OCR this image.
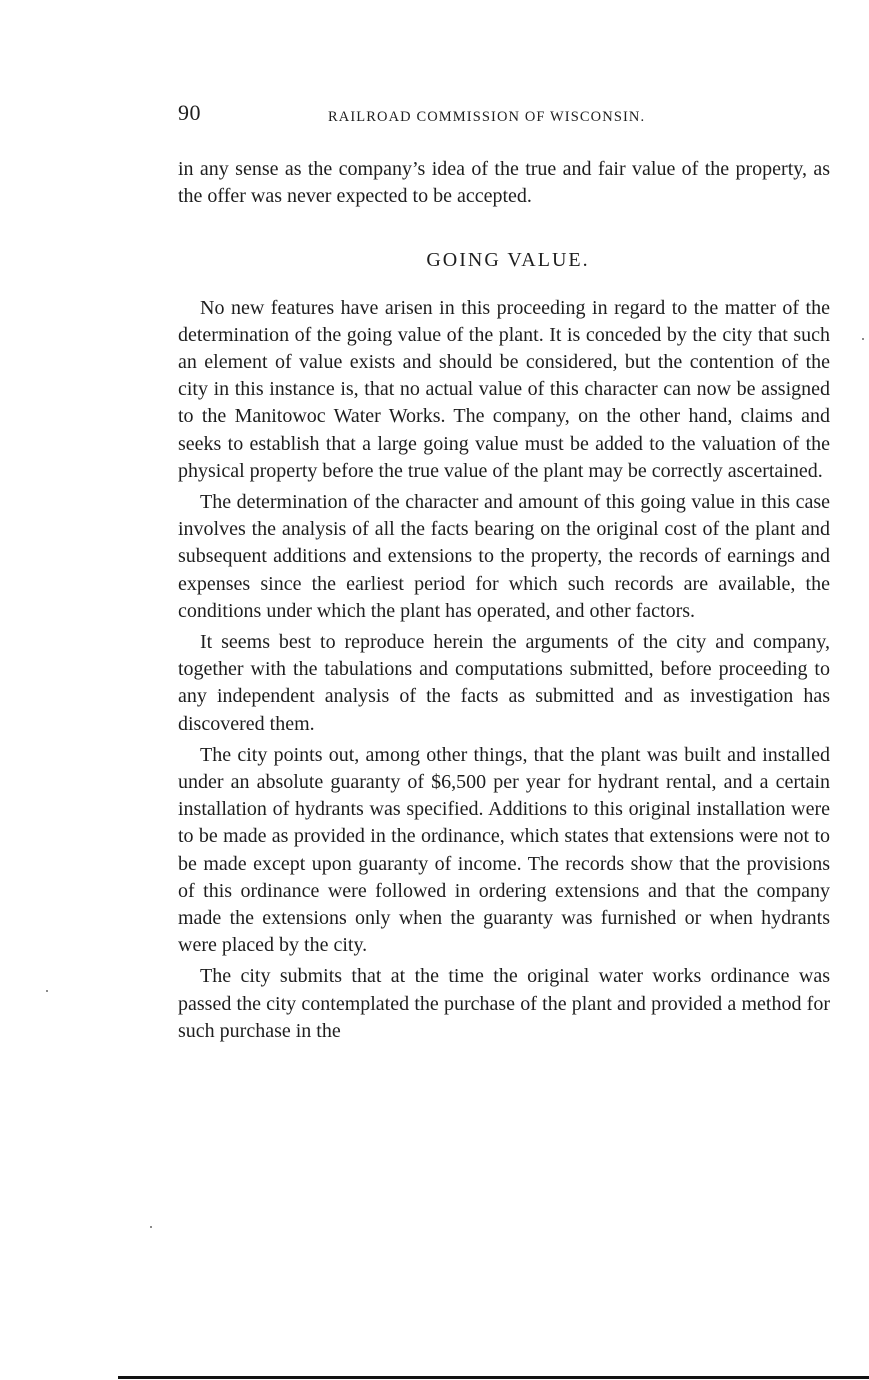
90	RAILROAD COMMISSION OF WISCONSIN.

in any sense as the company’s idea of the true and fair value of the property, as the offer was never expected to be accepted.

GOING VALUE.

No new features have arisen in this proceeding in regard to the matter of the determination of the going value of the plant. It is conceded by the city that such an element of value exists and should be considered, but the contention of the city in this instance is, that no actual value of this character can now be assigned to the Manitowoc Water Works. The company, on the other hand, claims and seeks to establish that a large going value must be added to the valuation of the physical property before the true value of the plant may be correctly ascertained.

The determination of the character and amount of this going value in this case involves the analysis of all the facts bearing on the original cost of the plant and subsequent additions and extensions to the property, the records of earnings and expenses since the earliest period for which such records are available, the conditions under which the plant has operated, and other factors.

It seems best to reproduce herein the arguments of the city and company, together with the tabulations and computations submitted, before proceeding to any independent analysis of the facts as submitted and as investigation has discovered them.

The city points out, among other things, that the plant was built and installed under an absolute guaranty of $6,500 per year for hydrant rental, and a certain installation of hydrants was specified. Additions to this original installation were to be made as provided in the ordinance, which states that extensions were not to be made except upon guaranty of income. The records show that the provisions of this ordinance were followed in ordering extensions and that the company made the extensions only when the guaranty was furnished or when hydrants were placed by the city.

The city submits that at the time the original water works ordinance was passed the city contemplated the purchase of the plant and provided a method for such purchase in the
